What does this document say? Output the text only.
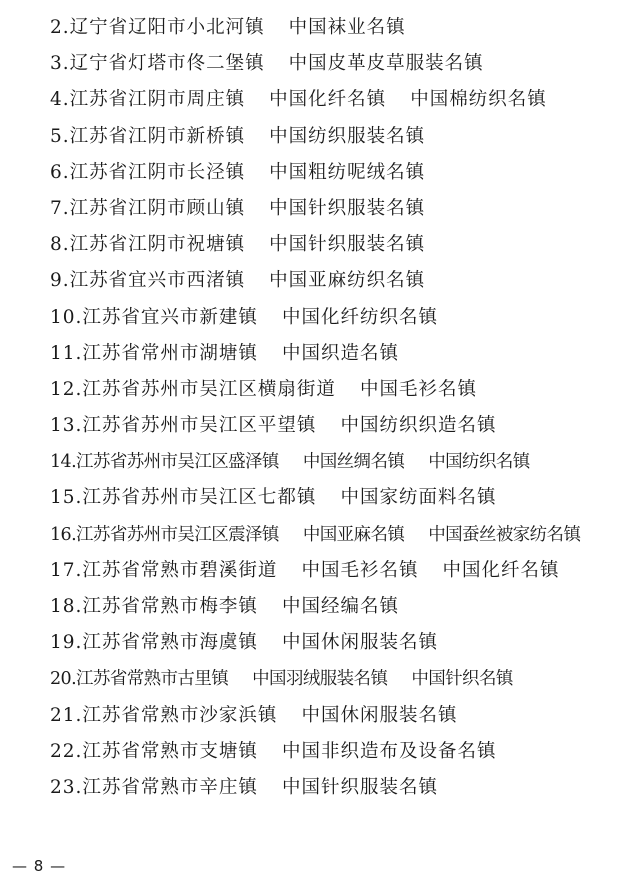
2.辽宁省辽阳市小北河镇 中国袜业名镇
3.辽宁省灯塔市佟二堡镇 中国皮革皮草服装名镇
4.江苏省江阴市周庄镇 中国化纤名镇 中国棉纺织名镇
5.江苏省江阴市新桥镇 中国纺织服装名镇
6.江苏省江阴市长泾镇 中国粗纺呢绒名镇
7.江苏省江阴市顾山镇 中国针织服装名镇
8.江苏省江阴市祝塘镇 中国针织服装名镇
9.江苏省宜兴市西渚镇 中国亚麻纺织名镇
10.江苏省宜兴市新建镇 中国化纤纺织名镇
11.江苏省常州市湖塘镇 中国织造名镇
12.江苏省苏州市吴江区横扇街道 中国毛衫名镇
13.江苏省苏州市吴江区平望镇 中国纺织织造名镇
14.江苏省苏州市吴江区盛泽镇 中国丝绸名镇 中国纺织名镇
15.江苏省苏州市吴江区七都镇 中国家纺面料名镇
16.江苏省苏州市吴江区震泽镇 中国亚麻名镇 中国蚕丝被家纺名镇
17.江苏省常熟市碧溪街道 中国毛衫名镇 中国化纤名镇
18.江苏省常熟市梅李镇 中国经编名镇
19.江苏省常熟市海虞镇 中国休闲服装名镇
20.江苏省常熟市古里镇 中国羽绒服装名镇 中国针织名镇
21.江苏省常熟市沙家浜镇 中国休闲服装名镇
22.江苏省常熟市支塘镇 中国非织造布及设备名镇
23.江苏省常熟市辛庄镇 中国针织服装名镇
— 8 —
